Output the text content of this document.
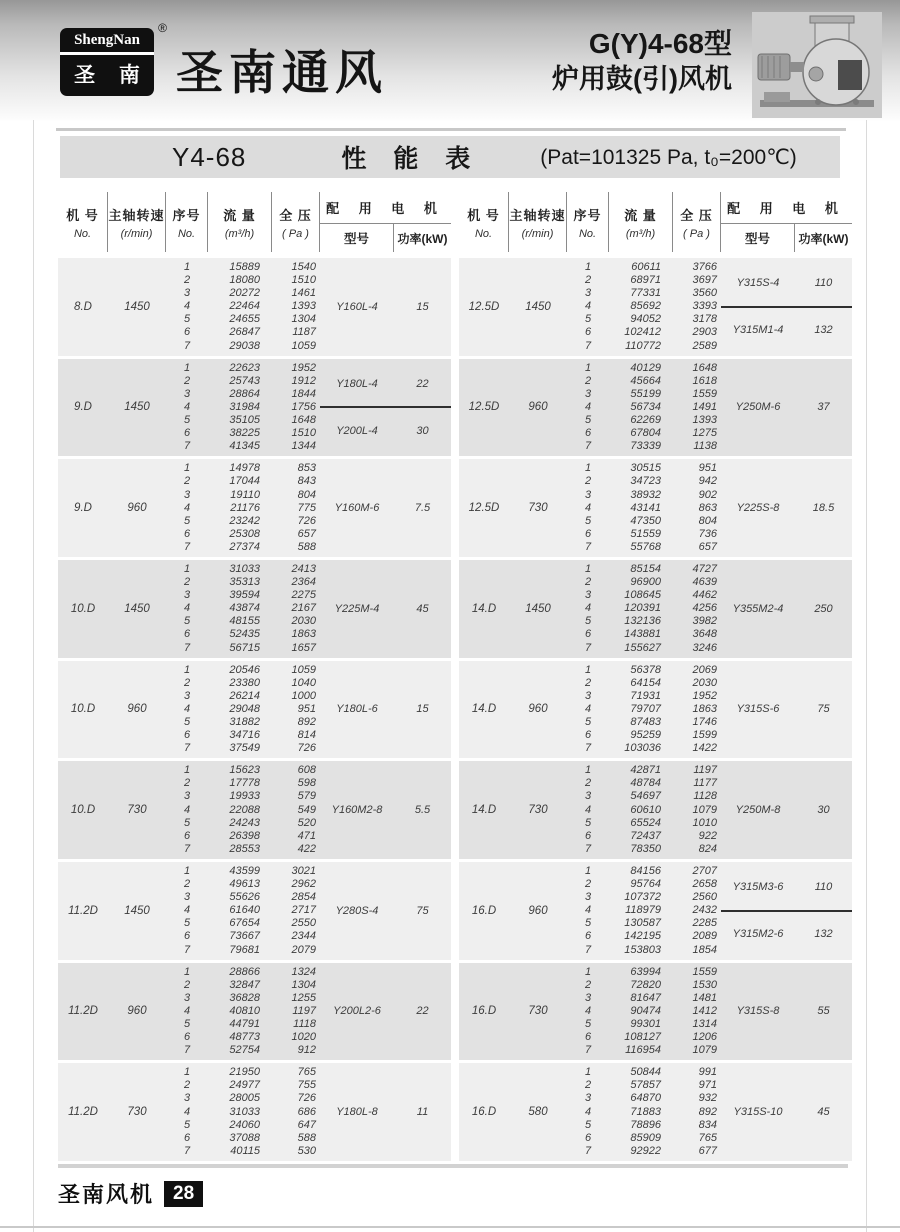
ShengNan
圣 南
®
圣南通风
G(Y)4-68型
炉用鼓(引)风机
Y4-68	性 能 表	(Pat=101325 Pa, t₀=200℃)
机 号
No.
主轴转速
(r/min)
序号
No.
流 量
(m³/h)
全 压
( Pa )
配 用 电 机
型号	功率(kW)
8.D	1450
1	15889	1540
2	18080	1510
3	20272	1461
4	22464	1393
5	24655	1304
6	26847	1187
7	29038	1059
Y160L-4	15
9.D	1450
1	22623	1952
2	25743	1912
3	28864	1844
4	31984	1756
5	35105	1648
6	38225	1510
7	41345	1344
Y180L-4	22
Y200L-4	30
9.D	960
1	14978	853
2	17044	843
3	19110	804
4	21176	775
5	23242	726
6	25308	657
7	27374	588
Y160M-6	7.5
10.D	1450
1	31033	2413
2	35313	2364
3	39594	2275
4	43874	2167
5	48155	2030
6	52435	1863
7	56715	1657
Y225M-4	45
10.D	960
1	20546	1059
2	23380	1040
3	26214	1000
4	29048	951
5	31882	892
6	34716	814
7	37549	726
Y180L-6	15
10.D	730
1	15623	608
2	17778	598
3	19933	579
4	22088	549
5	24243	520
6	26398	471
7	28553	422
Y160M2-8	5.5
11.2D	1450
1	43599	3021
2	49613	2962
3	55626	2854
4	61640	2717
5	67654	2550
6	73667	2344
7	79681	2079
Y280S-4	75
11.2D	960
1	28866	1324
2	32847	1304
3	36828	1255
4	40810	1197
5	44791	1118
6	48773	1020
7	52754	912
Y200L2-6	22
11.2D	730
1	21950	765
2	24977	755
3	28005	726
4	31033	686
5	24060	647
6	37088	588
7	40115	530
Y180L-8	11
机 号
No.
主轴转速
(r/min)
序号
No.
流 量
(m³/h)
全 压
( Pa )
配 用 电 机
型号	功率(kW)
12.5D	1450
1	60611	3766
2	68971	3697
3	77331	3560
4	85692	3393
5	94052	3178
6	102412	2903
7	110772	2589
Y315S-4	110
Y315M1-4	132
12.5D	960
1	40129	1648
2	45664	1618
3	55199	1559
4	56734	1491
5	62269	1393
6	67804	1275
7	73339	1138
Y250M-6	37
12.5D	730
1	30515	951
2	34723	942
3	38932	902
4	43141	863
5	47350	804
6	51559	736
7	55768	657
Y225S-8	18.5
14.D	1450
1	85154	4727
2	96900	4639
3	108645	4462
4	120391	4256
5	132136	3982
6	143881	3648
7	155627	3246
Y355M2-4	250
14.D	960
1	56378	2069
2	64154	2030
3	71931	1952
4	79707	1863
5	87483	1746
6	95259	1599
7	103036	1422
Y315S-6	75
14.D	730
1	42871	1197
2	48784	1177
3	54697	1128
4	60610	1079
5	65524	1010
6	72437	922
7	78350	824
Y250M-8	30
16.D	960
1	84156	2707
2	95764	2658
3	107372	2560
4	118979	2432
5	130587	2285
6	142195	2089
7	153803	1854
Y315M3-6	110
Y315M2-6	132
16.D	730
1	63994	1559
2	72820	1530
3	81647	1481
4	90474	1412
5	99301	1314
6	108127	1206
7	116954	1079
Y315S-8	55
16.D	580
1	50844	991
2	57857	971
3	64870	932
4	71883	892
5	78896	834
6	85909	765
7	92922	677
Y315S-10	45
圣南风机	28
